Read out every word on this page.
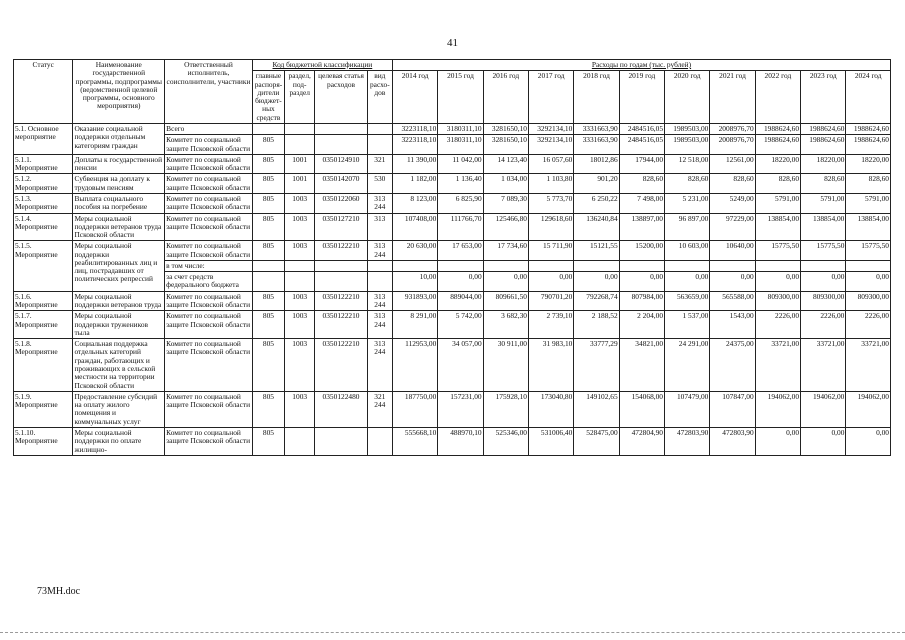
41
Статус	Наименование государственной программы, подпрограммы (ведомственной целевой программы, основного мероприятия)	Ответственный исполнитель, соисполнители, участники	Код бюджетной классификации				Расходы по годам (тыс. рублей)										
			главные распоря-дители бюджет-ных средств	раздел, под-раздел	целевая статья расходов	вид расхо-дов	2014 год	2015 год	2016 год	2017 год	2018 год	2019 год	2020 год	2021 год	2022 год	2023 год	2024 год
5.1. Основное мероприятие	Оказание социальной поддержки отдельным категориям граждан	Всего					3223118,10	3180311,10	3281650,10	3292134,10	3331663,90	2484516,05	1989503,00	2008976,70	1988624,60	1988624,60	1988624,60
		Комитет по социальной защите Псковской области	805				3223118,10	3180311,10	3281650,10	3292134,10	3331663,90	2484516,05	1989503,00	2008976,70	1988624,60	1988624,60	1988624,60
5.1.1. Мероприятие	Доплаты к государственной пенсии	Комитет по социальной защите Псковской области	805	1001	0350124910	321	11 390,00	11 042,00	14 123,40	16 057,60	18012,86	17944,00	12 518,00	12561,00	18220,00	18220,00	18220,00
5.1.2. Мероприятие	Субвенция на доплату к трудовым пенсиям	Комитет по социальной защите Псковской области	805	1001	0350142070	530	1 182,00	1 136,40	1 034,00	1 103,80	901,20	828,60	828,60	828,60	828,60	828,60	828,60
5.1.3. Мероприятие	Выплата социального пособия на погребение	Комитет по социальной защите Псковской области	805	1003	0350122060	313 244	8 123,00	6 825,90	7 089,30	5 773,70	6 250,22	7 498,00	5 231,00	5249,00	5791,00	5791,00	5791,00
5.1.4. Мероприятие	Меры социальной поддержки ветеранов труда Псковской области	Комитет по социальной защите Псковской области	805	1003	0350127210	313	107408,00	111766,70	125466,80	129618,60	136240,84	138897,00	96 897,00	97229,00	138854,00	138854,00	138854,00
5.1.5. Мероприятие	Меры социальной поддержки реабилитированных лиц и лиц, пострадавших от политических репрессий	Комитет по социальной защите Псковской области	805	1003	0350122210	313 244	20 630,00	17 653,00	17 734,60	15 711,90	15121,55	15200,00	10 603,00	10640,00	15775,50	15775,50	15775,50
		в том числе:															
		за счет средств федерального бюджета					10,00	0,00	0,00	0,00	0,00	0,00	0,00	0,00	0,00	0,00	0,00
5.1.6. Мероприятие	Меры социальной поддержки ветеранов труда	Комитет по социальной защите Псковской области	805	1003	0350122210	313 244	931893,00	889044,00	809661,50	790701,20	792268,74	807984,00	563659,00	565588,00	809300,00	809300,00	809300,00
5.1.7. Мероприятие	Меры социальной поддержки тружеников тыла	Комитет по социальной защите Псковской области	805	1003	0350122210	313 244	8 291,00	5 742,00	3 682,30	2 739,10	2 188,52	2 204,00	1 537,00	1543,00	2226,00	2226,00	2226,00
5.1.8. Мероприятие	Социальная поддержка отдельных категорий граждан, работающих и проживающих в сельской местности на территории Псковской области	Комитет по социальной защите Псковской области	805	1003	0350122210	313 244	112953,00	34 057,00	30 911,00	31 983,10	33777,29	34821,00	24 291,00	24375,00	33721,00	33721,00	33721,00
5.1.9. Мероприятие	Предоставление субсидий на оплату жилого помещения и коммунальных услуг	Комитет по социальной защите Псковской области	805	1003	0350122480	321 244	187750,00	157231,00	175928,10	173040,80	149102,65	154068,00	107479,00	107847,00	194062,00	194062,00	194062,00
5.1.10. Мероприятие	Меры социальной поддержки по оплате жилищно-	Комитет по социальной защите Псковской области	805				555668,10	488970,10	525346,00	531006,40	528475,00	472804,90	472803,90	472803,90	0,00	0,00	0,00
73МН.doc
